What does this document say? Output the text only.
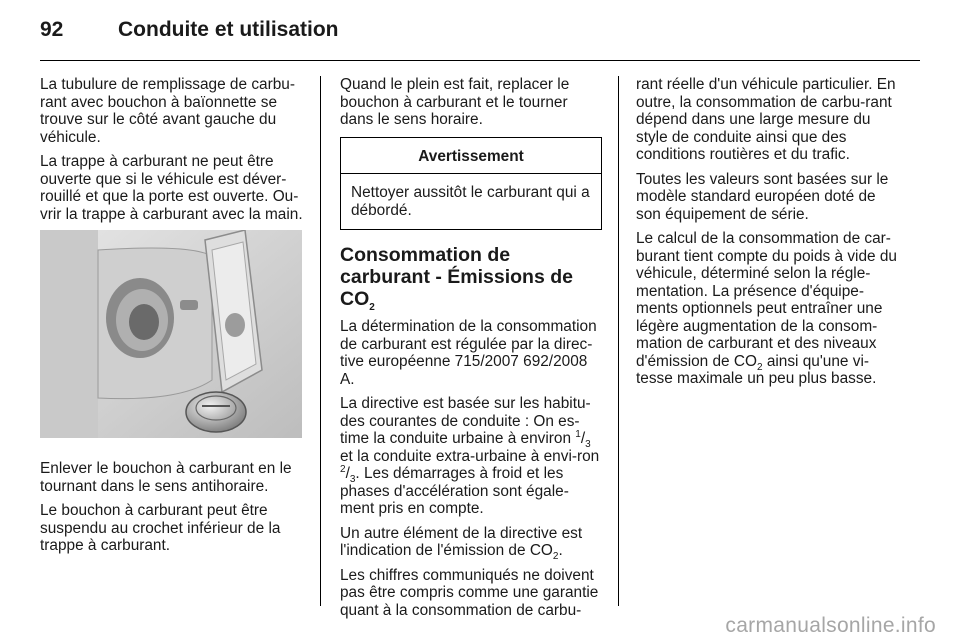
92	Conduite et utilisation

La tubulure de remplissage de carbu-rant avec bouchon à baïonnette se trouve sur le côté avant gauche du véhicule.

La trappe à carburant ne peut être ouverte que si le véhicule est déver-rouillé et que la porte est ouverte. Ou-vrir la trappe à carburant avec la main.

Enlever le bouchon à carburant en le tournant dans le sens antihoraire.

Le bouchon à carburant peut être suspendu au crochet inférieur de la trappe à carburant.

Quand le plein est fait, replacer le bouchon à carburant et le tourner dans le sens horaire.

Avertissement
Nettoyer aussitôt le carburant qui a débordé.
Consommation de carburant - Émissions de $CO_2$

La détermination de la consommation de carburant est régulée par la direc-tive européenne 715/2007 692/2008 A.

La directive est basée sur les habitu-des courantes de conduite : On es-time la conduite urbaine à environ $^1/_3$ et la conduite extra-urbaine à envi-ron $^2/_3$. Les démarrages à froid et les phases d'accélération sont égale-ment pris en compte.

Un autre élément de la directive est l'indication de l'émission de $CO_2$.

Les chiffres communiqués ne doivent pas être compris comme une garantie quant à la consommation de carbu-

rant réelle d'un véhicule particulier. En outre, la consommation de carbu-rant dépend dans une large mesure du style de conduite ainsi que des conditions routières et du trafic.

Toutes les valeurs sont basées sur le modèle standard européen doté de son équipement de série.

Le calcul de la consommation de car-burant tient compte du poids à vide du véhicule, déterminé selon la régle-mentation. La présence d'équipe-ments optionnels peut entraîner une légère augmentation de la consom-mation de carburant et des niveaux d'émission de $CO_2$ ainsi qu'une vi-tesse maximale un peu plus basse.

carmanualsonline.info
